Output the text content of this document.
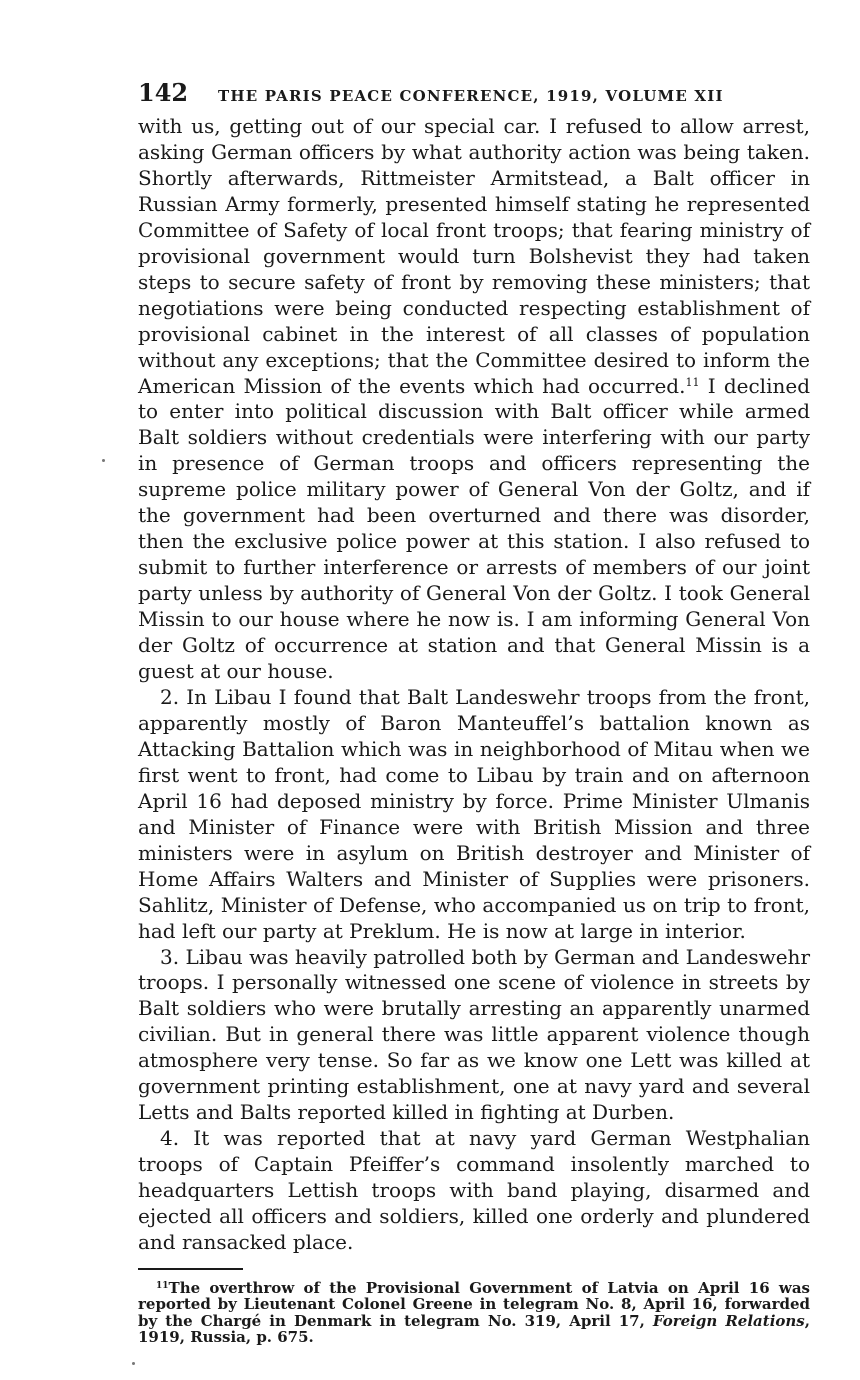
142	THE PARIS PEACE CONFERENCE, 1919, VOLUME XII

with us, getting out of our special car. I refused to allow arrest, asking German officers by what authority action was being taken. Shortly afterwards, Rittmeister Armitstead, a Balt officer in Russian Army formerly, presented himself stating he represented Committee of Safety of local front troops; that fearing ministry of provisional government would turn Bolshevist they had taken steps to secure safety of front by removing these ministers; that negotiations were being conducted respecting establishment of provisional cabinet in the interest of all classes of population without any exceptions; that the Committee desired to inform the American Mission of the events which had occurred.$^{11}$ I declined to enter into political discussion with Balt officer while armed Balt soldiers without credentials were interfering with our party in presence of German troops and officers representing the supreme police military power of General Von der Goltz, and if the government had been overturned and there was disorder, then the exclusive police power at this station. I also refused to submit to further interference or arrests of members of our joint party unless by authority of General Von der Goltz. I took General Missin to our house where he now is. I am informing General Von der Goltz of occurrence at station and that General Missin is a guest at our house.

2. In Libau I found that Balt Landeswehr troops from the front, apparently mostly of Baron Manteuffel’s battalion known as Attacking Battalion which was in neighborhood of Mitau when we first went to front, had come to Libau by train and on afternoon April 16 had deposed ministry by force. Prime Minister Ulmanis and Minister of Finance were with British Mission and three ministers were in asylum on British destroyer and Minister of Home Affairs Walters and Minister of Supplies were prisoners. Sahlitz, Minister of Defense, who accompanied us on trip to front, had left our party at Preklum. He is now at large in interior.

3. Libau was heavily patrolled both by German and Landeswehr troops. I personally witnessed one scene of violence in streets by Balt soldiers who were brutally arresting an apparently unarmed civilian. But in general there was little apparent violence though atmosphere very tense. So far as we know one Lett was killed at government printing establishment, one at navy yard and several Letts and Balts reported killed in fighting at Durben.

4. It was reported that at navy yard German Westphalian troops of Captain Pfeiffer’s command insolently marched to headquarters Lettish troops with band playing, disarmed and ejected all officers and soldiers, killed one orderly and plundered and ransacked place.

$^{11}$The overthrow of the Provisional Government of Latvia on April 16 was reported by Lieutenant Colonel Greene in telegram No. 8, April 16, forwarded by the Chargé in Denmark in telegram No. 319, April 17, Foreign Relations, 1919, Russia, p. 675.
